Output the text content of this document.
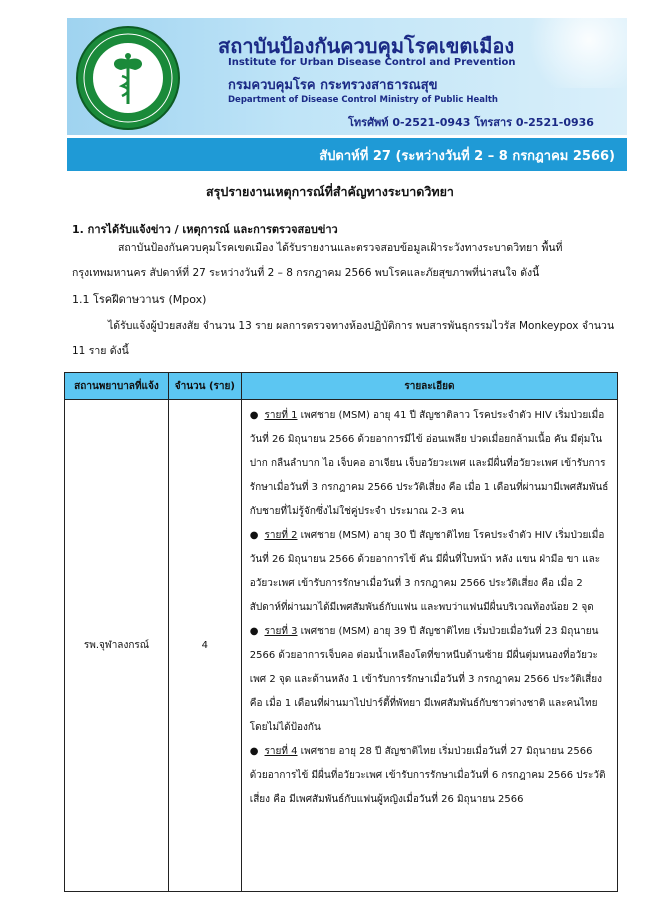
สถาบันป้องกันควบคุมโรคเขตเมือง
Institute for Urban Disease Control and Prevention
กรมควบคุมโรค กระทรวงสาธารณสุข
Department of Disease Control Ministry of Public Health
โทรศัพท์ 0-2521-0943 โทรสาร 0-2521-0936
สัปดาห์ที่ 27 (ระหว่างวันที่ 2 – 8 กรกฎาคม 2566)
สรุปรายงานเหตุการณ์ที่สำคัญทางระบาดวิทยา
1. การได้รับแจ้งข่าว / เหตุการณ์ และการตรวจสอบข่าว
สถาบันป้องกันควบคุมโรคเขตเมือง ได้รับรายงานและตรวจสอบข้อมูลเฝ้าระวังทางระบาดวิทยา พื้นที่กรุงเทพมหานคร สัปดาห์ที่ 27 ระหว่างวันที่ 2 – 8 กรกฎาคม 2566 พบโรคและภัยสุขภาพที่น่าสนใจ ดังนี้
1.1 โรคฝีดาษวานร (Mpox)
ได้รับแจ้งผู้ป่วยสงสัย จำนวน 13 ราย ผลการตรวจทางห้องปฏิบัติการ พบสารพันธุกรรมไวรัส Monkeypox จำนวน 11 ราย ดังนี้
สถานพยาบาลที่แจ้ง	จำนวน (ราย)	รายละเอียด
รพ.จุฬาลงกรณ์	4	● รายที่ 1 เพศชาย (MSM) อายุ 41 ปี สัญชาติลาว โรคประจำตัว HIV เริ่มป่วยเมื่อวันที่ 26 มิถุนายน 2566 ด้วยอาการมีไข้ อ่อนเพลีย ปวดเมื่อยกล้ามเนื้อ คัน มีตุ่มในปาก กลืนลำบาก ไอ เจ็บคอ อาเจียน เจ็บอวัยวะเพศ และมีผื่นที่อวัยวะเพศ เข้ารับการรักษาเมื่อวันที่ 3 กรกฎาคม 2566 ประวัติเสี่ยง คือ เมื่อ 1 เดือนที่ผ่านมามีเพศสัมพันธ์กับชายที่ไม่รู้จักซึ่งไม่ใช่คู่ประจำ ประมาณ 2-3 คน
● รายที่ 2 เพศชาย (MSM) อายุ 30 ปี สัญชาติไทย โรคประจำตัว HIV เริ่มป่วยเมื่อวันที่ 26 มิถุนายน 2566 ด้วยอาการไข้ คัน มีผื่นที่ใบหน้า หลัง แขน ฝ่ามือ ขา และอวัยวะเพศ เข้ารับการรักษาเมื่อวันที่ 3 กรกฎาคม 2566 ประวัติเสี่ยง คือ เมื่อ 2 สัปดาห์ที่ผ่านมาได้มีเพศสัมพันธ์กับแฟน และพบว่าแฟนมีผื่นบริเวณท้องน้อย 2 จุด
● รายที่ 3 เพศชาย (MSM) อายุ 39 ปี สัญชาติไทย เริ่มป่วยเมื่อวันที่ 23 มิถุนายน 2566 ด้วยอาการเจ็บคอ ต่อมน้ำเหลืองโตที่ขาหนีบด้านซ้าย มีผื่นตุ่มหนองที่อวัยวะเพศ 2 จุด และด้านหลัง 1 เข้ารับการรักษาเมื่อวันที่ 3 กรกฎาคม 2566 ประวัติเสี่ยง คือ เมื่อ 1 เดือนที่ผ่านมาไปปาร์ตี้ที่พัทยา มีเพศสัมพันธ์กับชาวต่างชาติ และคนไทยโดยไม่ได้ป้องกัน
● รายที่ 4 เพศชาย อายุ 28 ปี สัญชาติไทย เริ่มป่วยเมื่อวันที่ 27 มิถุนายน 2566 ด้วยอาการไข้ มีผื่นที่อวัยวะเพศ เข้ารับการรักษาเมื่อวันที่ 6 กรกฎาคม 2566 ประวัติเสี่ยง คือ มีเพศสัมพันธ์กับแฟนผู้หญิงเมื่อวันที่ 26 มิถุนายน 2566
